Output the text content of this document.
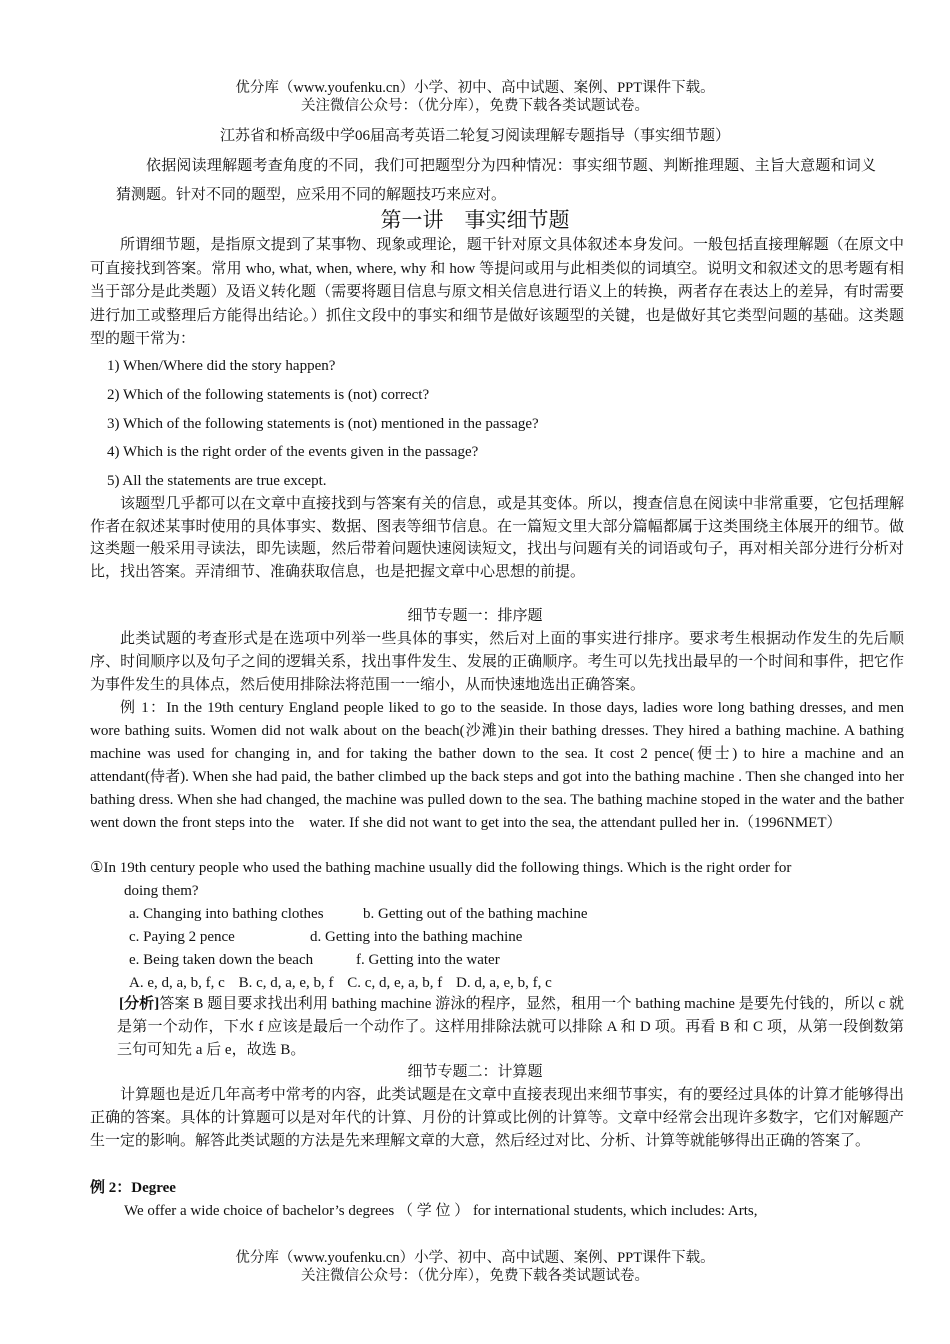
优分库（www.youfenku.cn）小学、初中、高中试题、案例、PPT课件下载。
关注微信公众号：（优分库），免费下载各类试题试卷。
江苏省和桥高级中学06届高考英语二轮复习阅读理解专题指导（事实细节题）
依据阅读理解题考查角度的不同，我们可把题型分为四种情况：事实细节题、判断推理题、主旨大意题和词义猜测题。针对不同的题型，应采用不同的解题技巧来应对。
第一讲　事实细节题
所谓细节题，是指原文提到了某事物、现象或理论，题干针对原文具体叙述本身发问。一般包括直接理解题（在原文中可直接找到答案。常用 who, what, when, where, why 和 how 等提问或用与此相类似的词填空。说明文和叙述文的思考题有相当于部分是此类题）及语义转化题（需要将题目信息与原文相关信息进行语义上的转换，两者存在表达上的差异，有时需要进行加工或整理后方能得出结论。）抓住文段中的事实和细节是做好该题型的关键，也是做好其它类型问题的基础。这类题型的题干常为：
1) When/Where did the story happen?
2) Which of the following statements is (not) correct?
3) Which of the following statements is (not) mentioned in the passage?
4) Which is the right order of the events given in the passage?
5) All the statements are true except.
该题型几乎都可以在文章中直接找到与答案有关的信息，或是其变体。所以，搜查信息在阅读中非常重要，它包括理解作者在叙述某事时使用的具体事实、数据、图表等细节信息。在一篇短文里大部分篇幅都属于这类围绕主体展开的细节。做这类题一般采用寻读法，即先读题，然后带着问题快速阅读短文，找出与问题有关的词语或句子，再对相关部分进行分析对比，找出答案。弄清细节、准确获取信息，也是把握文章中心思想的前提。
细节专题一：排序题
此类试题的考查形式是在选项中列举一些具体的事实，然后对上面的事实进行排序。要求考生根据动作发生的先后顺序、时间顺序以及句子之间的逻辑关系，找出事件发生、发展的正确顺序。考生可以先找出最早的一个时间和事件，把它作为事件发生的具体点，然后使用排除法将范围一一缩小，从而快速地选出正确答案。
例 1：In the 19th century England people liked to go to the seaside. In those days, ladies wore long bathing dresses, and men wore bathing suits. Women did not walk about on the beach(沙滩)in their bathing dresses. They hired a bathing machine. A bathing machine was used for changing in, and for taking the bather down to the sea. It cost 2 pence(便士) to hire a machine and an attendant(侍者). When she had paid, the bather climbed up the back steps and got into the bathing machine . Then she changed into her bathing dress. When she had changed, the machine was pulled down to the sea. The bathing machine stoped in the water and the bather went down the front steps into the　water. If she did not want to get into the sea, the attendant pulled her in.（1996NMET）
①In 19th century people who used the bathing machine usually did the following things. Which is the right order for
doing them?
a. Changing into bathing clothes	b. Getting out of the bathing machine
c. Paying 2 pence	d. Getting into the bathing machine
e. Being taken down the beach	f. Getting into the water
A. e, d, a, b, f, c B. c, d, a, e, b, f C. c, d, e, a, b, f D. d, a, e, b, f, c
[分析]答案 B 题目要求找出利用 bathing machine 游泳的程序，显然，租用一个 bathing machine 是要先付钱的，所以 c 就是第一个动作，下水 f 应该是最后一个动作了。这样用排除法就可以排除 A 和 D 项。再看 B 和 C 项，从第一段倒数第三句可知先 a 后 e，故选 B。
细节专题二：计算题
计算题也是近几年高考中常考的内容，此类试题是在文章中直接表现出来细节事实，有的要经过具体的计算才能够得出正确的答案。具体的计算题可以是对年代的计算、月份的计算或比例的计算等。文章中经常会出现许多数字，它们对解题产生一定的影响。解答此类试题的方法是先来理解文章的大意，然后经过对比、分析、计算等就能够得出正确的答案了。
例 2：Degree
We offer a wide choice of bachelor’s degrees （ 学 位 ） for international students, which includes: Arts,
优分库（www.youfenku.cn）小学、初中、高中试题、案例、PPT课件下载。
关注微信公众号：（优分库），免费下载各类试题试卷。
